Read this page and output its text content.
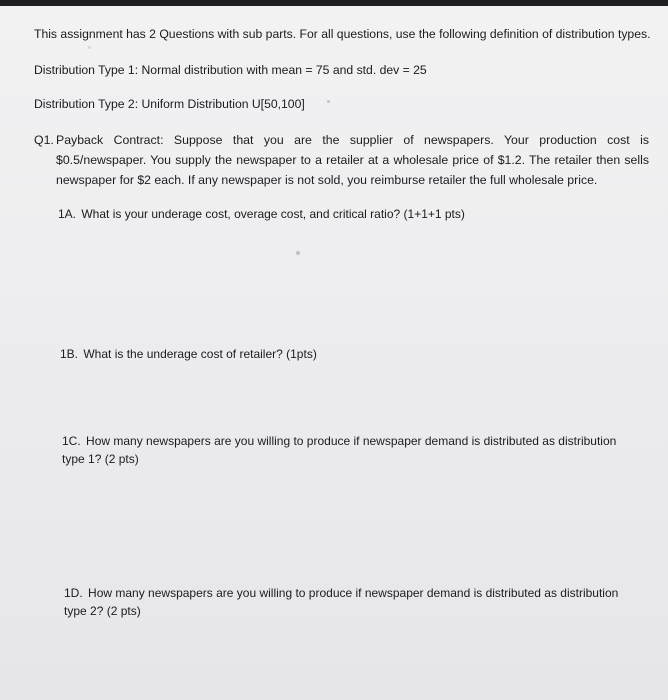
This assignment has 2 Questions with sub parts. For all questions, use the following definition of distribution types.
Distribution Type 1: Normal distribution with mean = 75 and std. dev = 25
Distribution Type 2: Uniform Distribution U[50,100]
Q1. Payback Contract: Suppose that you are the supplier of newspapers. Your production cost is $0.5/newspaper. You supply the newspaper to a retailer at a wholesale price of $1.2. The retailer then sells newspaper for $2 each. If any newspaper is not sold, you reimburse retailer the full wholesale price.
1A. What is your underage cost, overage cost, and critical ratio? (1+1+1 pts)
1B. What is the underage cost of retailer? (1pts)
1C. How many newspapers are you willing to produce if newspaper demand is distributed as distribution type 1? (2 pts)
1D. How many newspapers are you willing to produce if newspaper demand is distributed as distribution type 2? (2 pts)
